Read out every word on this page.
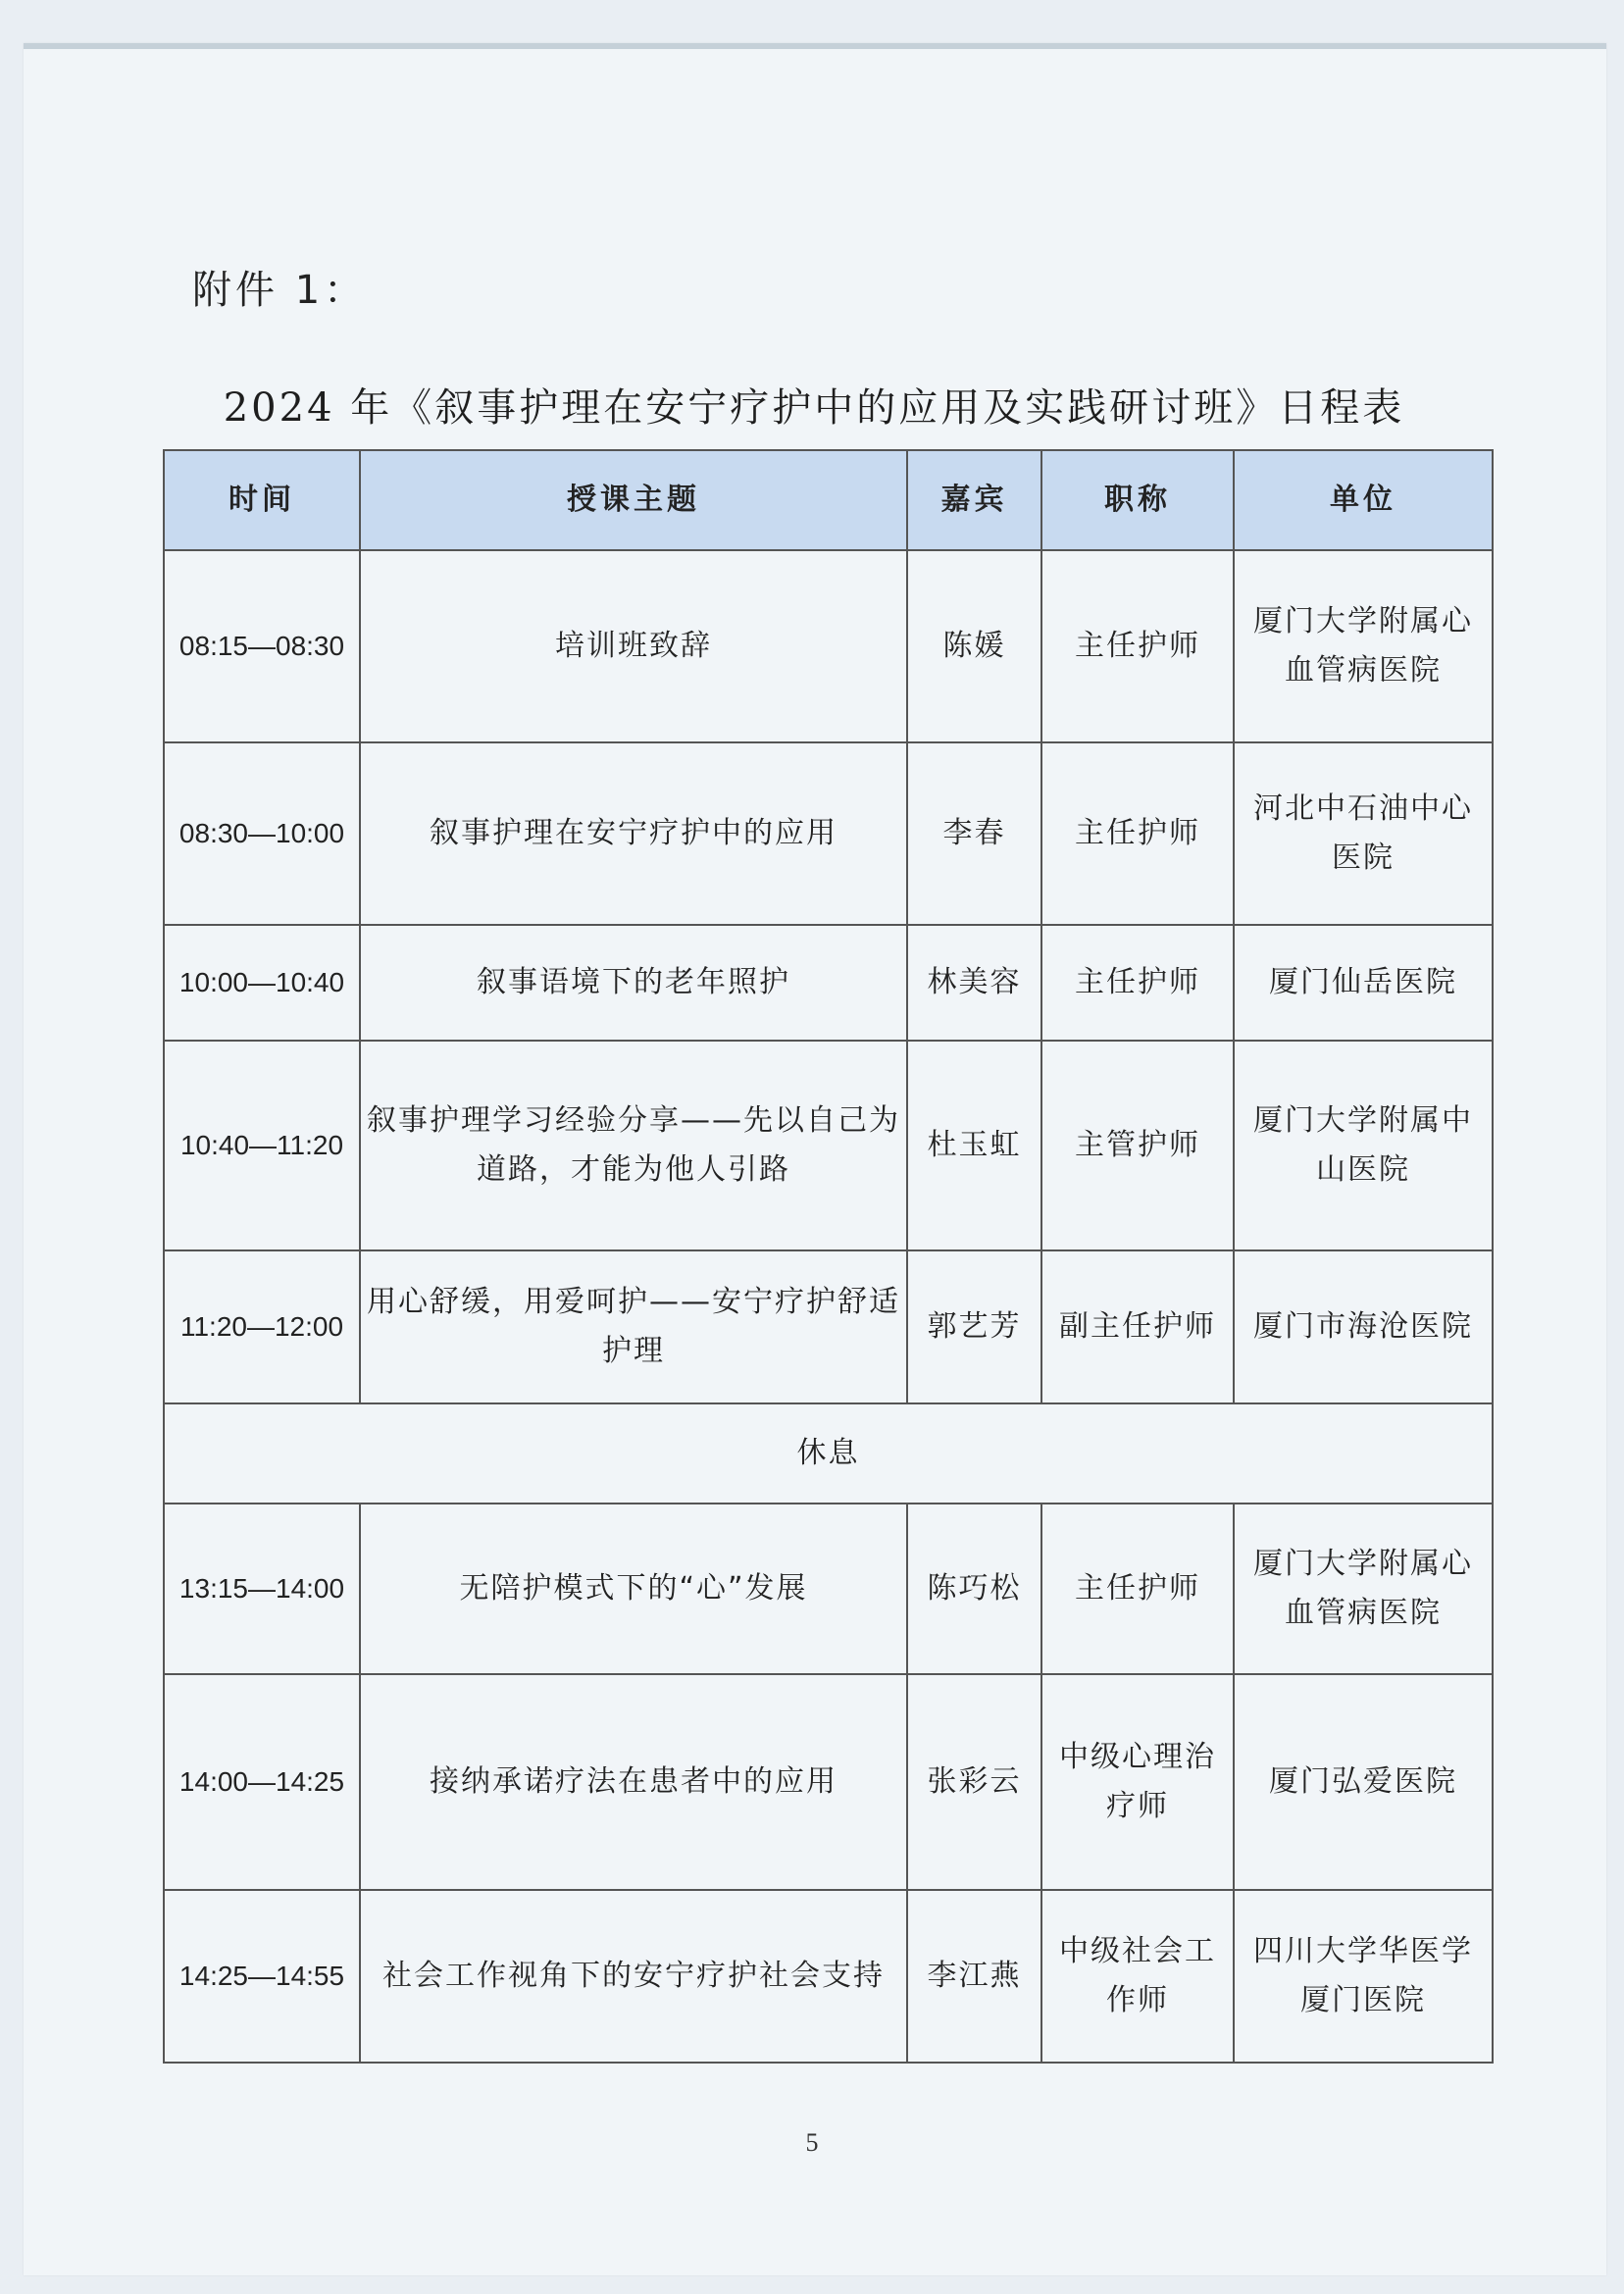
附件 1：
2024 年《叙事护理在安宁疗护中的应用及实践研讨班》日程表
时间	授课主题	嘉宾	职称	单位
08:15—08:30	培训班致辞	陈媛	主任护师	厦门大学附属心血管病医院
08:30—10:00	叙事护理在安宁疗护中的应用	李春	主任护师	河北中石油中心医院
10:00—10:40	叙事语境下的老年照护	林美容	主任护师	厦门仙岳医院
10:40—11:20	叙事护理学习经验分享——先以自己为道路，才能为他人引路	杜玉虹	主管护师	厦门大学附属中山医院
11:20—12:00	用心舒缓，用爱呵护——安宁疗护舒适护理	郭艺芳	副主任护师	厦门市海沧医院
休息				
13:15—14:00	无陪护模式下的“心”发展	陈巧松	主任护师	厦门大学附属心血管病医院
14:00—14:25	接纳承诺疗法在患者中的应用	张彩云	中级心理治疗师	厦门弘爱医院
14:25—14:55	社会工作视角下的安宁疗护社会支持	李江燕	中级社会工作师	四川大学华医学厦门医院
5
